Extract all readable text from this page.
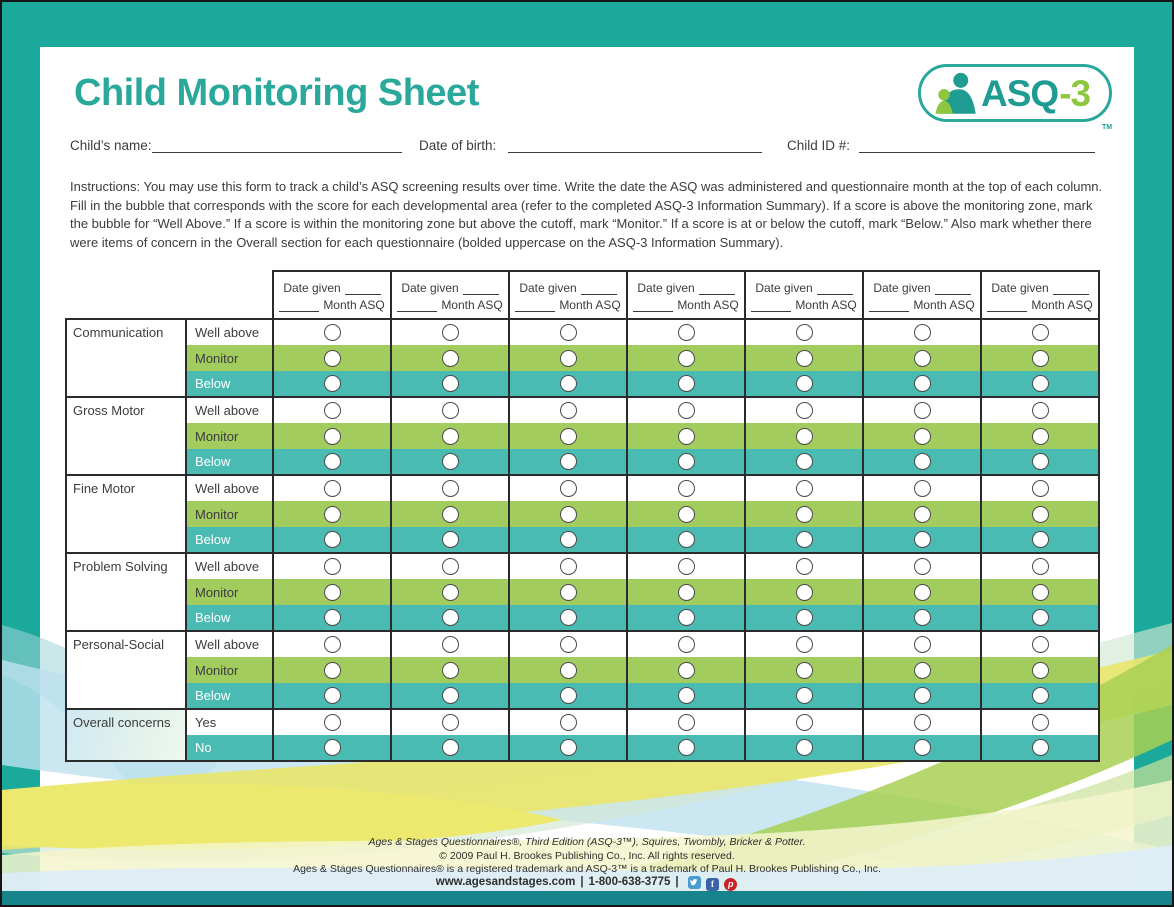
Child Monitoring Sheet	ASQ-3
TM
Child’s name:	Date of birth:	Child ID #:
Instructions: You may use this form to track a child’s ASQ screening results over time. Write the date the ASQ was administered and questionnaire month at the top of each column. Fill in the bubble that corresponds with the score for each developmental area (refer to the completed ASQ-3 Information Summary). If a score is above the monitoring zone, mark the bubble for “Well Above.” If a score is within the monitoring zone but above the cutoff, mark “Monitor.” If a score is at or below the cutoff, mark “Below.” Also mark whether there were items of concern in the Overall section for each questionnaire (bolded uppercase on the ASQ-3 Information Summary).

Date given
Month ASQ

Date given
Month ASQ

Date given
Month ASQ

Date given
Month ASQ

Date given
Month ASQ

Date given
Month ASQ

Date given
Month ASQ

Communication	Well above							
	Monitor							
	Below							
Gross Motor	Well above							
	Monitor							
	Below							
Fine Motor	Well above							
	Monitor							
	Below							
Problem Solving	Well above							
	Monitor							
	Below							
Personal-Social	Well above							
	Monitor							
	Below							
Overall concerns	Yes							
	No							
Ages & Stages Questionnaires®, Third Edition (ASQ-3™), Squires, Twombly, Bricker & Potter.
© 2009 Paul H. Brookes Publishing Co., Inc. All rights reserved.
Ages & Stages Questionnaires® is a registered trademark and ASQ-3™ is a trademark of Paul H. Brookes Publishing Co., Inc.
www.agesandstages.com | 1-800-638-3775 |	f p
